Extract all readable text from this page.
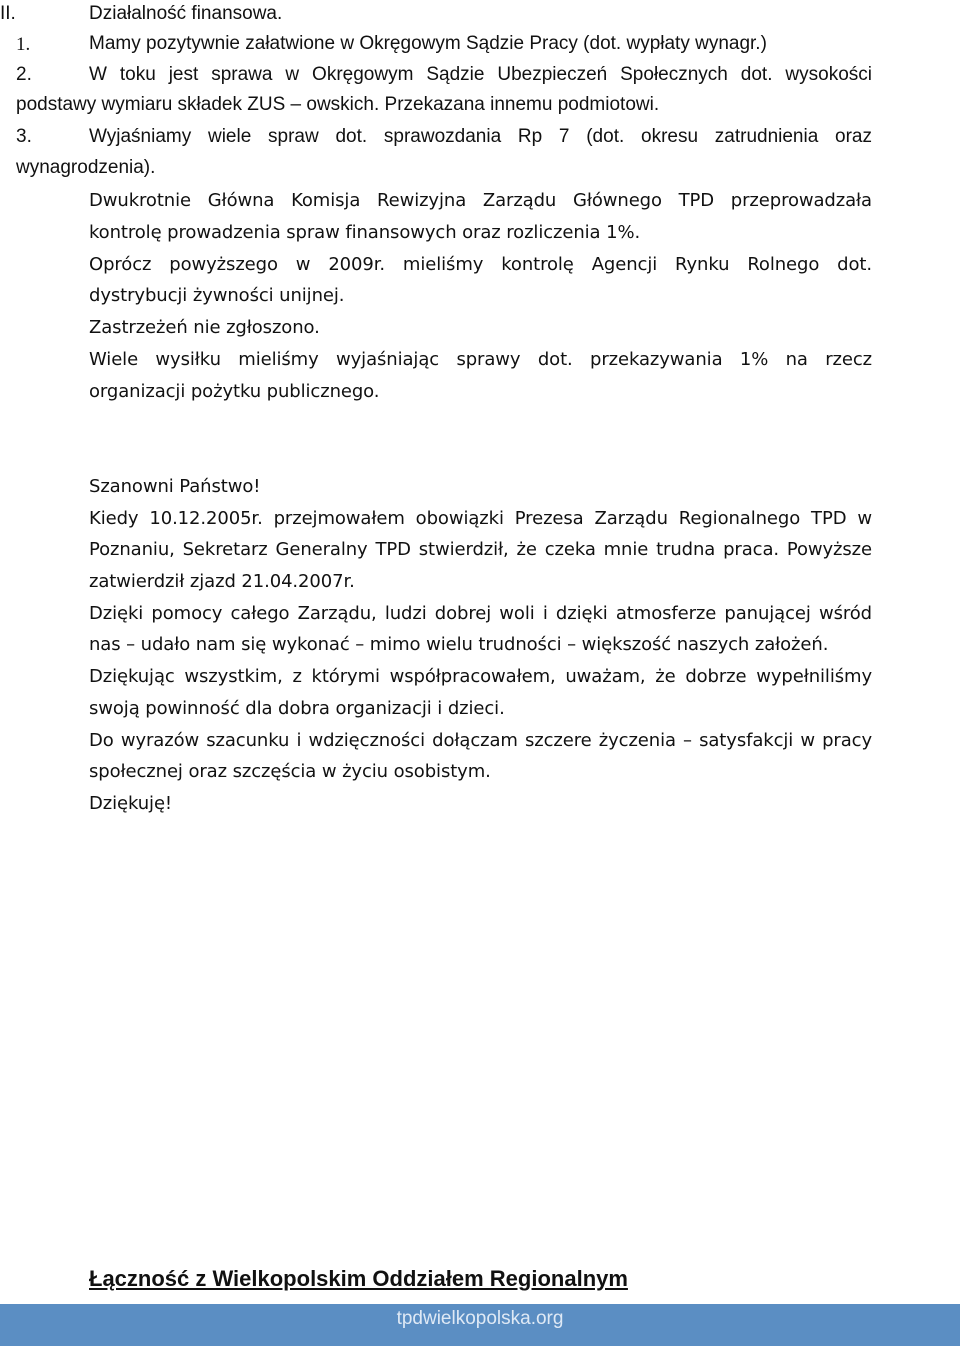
II.	Działalność finansowa.
1.	Mamy pozytywnie załatwione w Okręgowym Sądzie Pracy (dot. wypłaty wynagr.)
2.	W toku jest sprawa w Okręgowym Sądzie Ubezpieczeń Społecznych dot. wysokości
podstawy wymiaru składek ZUS – owskich. Przekazana innemu podmiotowi.
3.	Wyjaśniamy wiele spraw dot. sprawozdania Rp 7 (dot. okresu zatrudnienia oraz
wynagrodzenia).
Dwukrotnie Główna Komisja Rewizyjna Zarządu Głównego TPD przeprowadzała
kontrolę prowadzenia spraw finansowych oraz rozliczenia 1%.
Oprócz powyższego w 2009r. mieliśmy kontrolę Agencji Rynku Rolnego dot.
dystrybucji żywności unijnej.
Zastrzeżeń nie zgłoszono.
Wiele wysiłku mieliśmy wyjaśniając sprawy dot. przekazywania 1% na rzecz
organizacji pożytku publicznego.
Szanowni Państwo!
Kiedy 10.12.2005r. przejmowałem obowiązki Prezesa Zarządu Regionalnego TPD w
Poznaniu, Sekretarz Generalny TPD stwierdził, że czeka mnie trudna praca. Powyższe
zatwierdził zjazd 21.04.2007r.
Dzięki pomocy całego Zarządu, ludzi dobrej woli i dzięki atmosferze panującej wśród
nas – udało nam się wykonać – mimo wielu trudności – większość naszych założeń.
Dziękując wszystkim, z którymi współpracowałem, uważam, że dobrze wypełniliśmy
swoją powinność dla dobra organizacji i dzieci.
Do wyrazów szacunku i wdzięczności dołączam szczere życzenia – satysfakcji w pracy
społecznej oraz szczęścia w życiu osobistym.
Dziękuję!
Łączność z Wielkopolskim Oddziałem Regionalnym
tpdwielkopolska.org
